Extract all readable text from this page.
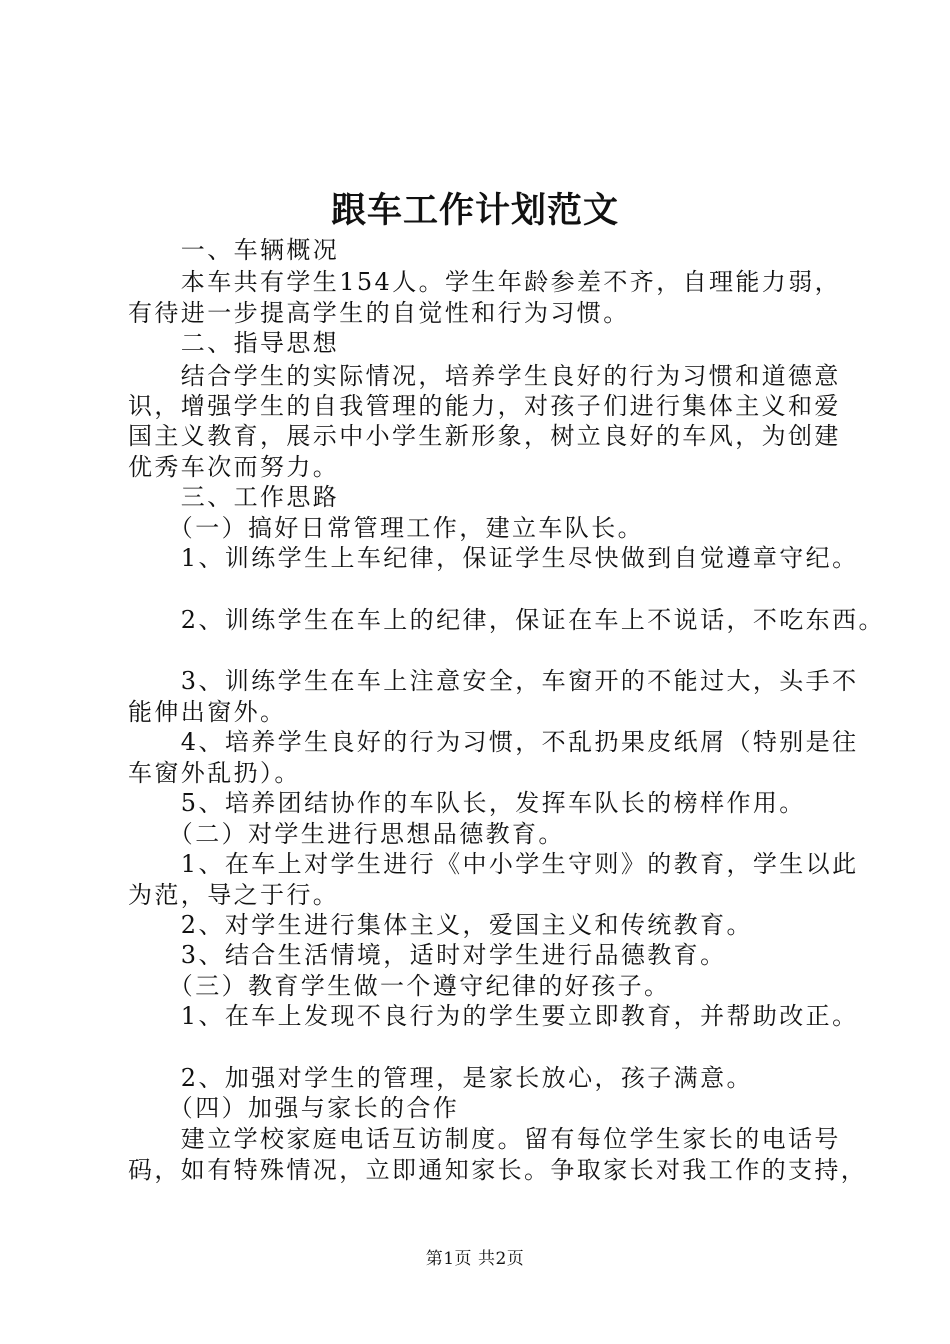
跟车工作计划范文
　　一、车辆概况
　　本车共有学生154人。学生年龄参差不齐，自理能力弱，
有待进一步提高学生的自觉性和行为习惯。
　　二、指导思想
　　结合学生的实际情况，培养学生良好的行为习惯和道德意
识，增强学生的自我管理的能力，对孩子们进行集体主义和爱
国主义教育，展示中小学生新形象，树立良好的车风，为创建
优秀车次而努力。
　　三、工作思路
　　（一）搞好日常管理工作，建立车队长。
　　1、训练学生上车纪律，保证学生尽快做到自觉遵章守纪。
　　2、训练学生在车上的纪律，保证在车上不说话，不吃东西。
　　3、训练学生在车上注意安全，车窗开的不能过大，头手不
能伸出窗外。
　　4、培养学生良好的行为习惯，不乱扔果皮纸屑（特别是往
车窗外乱扔）。
　　5、培养团结协作的车队长，发挥车队长的榜样作用。
　　（二）对学生进行思想品德教育。
　　1、在车上对学生进行《中小学生守则》的教育，学生以此
为范，导之于行。
　　2、对学生进行集体主义，爱国主义和传统教育。
　　3、结合生活情境，适时对学生进行品德教育。
　　（三）教育学生做一个遵守纪律的好孩子。
　　1、在车上发现不良行为的学生要立即教育，并帮助改正。
　　2、加强对学生的管理，是家长放心，孩子满意。
　　（四）加强与家长的合作
　　建立学校家庭电话互访制度。留有每位学生家长的电话号
码，如有特殊情况，立即通知家长。争取家长对我工作的支持，
第1页 共2页
